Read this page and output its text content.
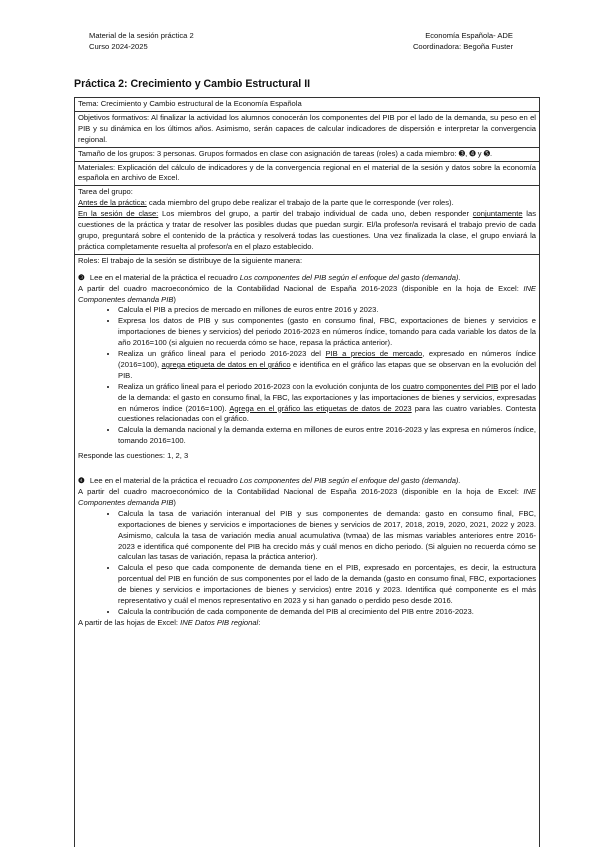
Material de la sesión práctica 2
Curso 2024-2025
Economía Española- ADE
Coordinadora: Begoña Fuster
Práctica 2: Crecimiento y Cambio Estructural II
Tema: Crecimiento y Cambio estructural de la Economía Española
Objetivos formativos: Al finalizar la actividad los alumnos conocerán los componentes del PIB por el lado de la demanda, su peso en el PIB y su dinámica en los últimos años. Asimismo, serán capaces de calcular indicadores de dispersión e interpretar la convergencia regional.
Tamaño de los grupos: 3 personas. Grupos formados en clase con asignación de tareas (roles) a cada miembro: ➌, ➍ y ➎.
Materiales: Explicación del cálculo de indicadores y de la convergencia regional en el material de la sesión y datos sobre la economía española en archivo de Excel.
Tarea del grupo:
Antes de la práctica: cada miembro del grupo debe realizar el trabajo de la parte que le corresponde (ver roles).
En la sesión de clase: Los miembros del grupo, a partir del trabajo individual de cada uno, deben responder conjuntamente las cuestiones de la práctica y tratar de resolver las posibles dudas que puedan surgir. El/la profesor/a revisará el trabajo previo de cada grupo, preguntará sobre el contenido de la práctica y resolverá todas las cuestiones. Una vez finalizada la clase, el grupo enviará la práctica completamente resuelta al profesor/a en el plazo establecido.
Roles: El trabajo de la sesión se distribuye de la siguiente manera:
❸ Lee en el material de la práctica el recuadro Los componentes del PIB según el enfoque del gasto (demanda).
A partir del cuadro macroeconómico de la Contabilidad Nacional de España 2016-2023 (disponible en la hoja de Excel: INE Componentes demanda PIB)
• Calcula el PIB a precios de mercado en millones de euros entre 2016 y 2023.
• Expresa los datos de PIB y sus componentes (gasto en consumo final, FBC, exportaciones de bienes y servicios e importaciones de bienes y servicios) del periodo 2016-2023 en números índice, tomando para cada variable los datos de la año 2016=100 (si alguien no recuerda cómo se hace, repasa la práctica anterior).
• Realiza un gráfico lineal para el periodo 2016-2023 del PIB a precios de mercado, expresado en números índice (2016=100), agrega etiqueta de datos en el gráfico e identifica en el gráfico las etapas que se observan en la evolución del PIB.
• Realiza un gráfico lineal para el periodo 2016-2023 con la evolución conjunta de los cuatro componentes del PIB por el lado de la demanda: el gasto en consumo final, la FBC, las exportaciones y las importaciones de bienes y servicios, expresadas en números índice (2016=100). Agrega en el gráfico las etiquetas de datos de 2023 para las cuatro variables. Contesta cuestiones relacionadas con el gráfico.
• Calcula la demanda nacional y la demanda externa en millones de euros entre 2016-2023 y las expresa en números índice, tomando 2016=100.
Responde las cuestiones: 1, 2, 3
❹ Lee en el material de la práctica el recuadro Los componentes del PIB según el enfoque del gasto (demanda).
A partir del cuadro macroeconómico de la Contabilidad Nacional de España 2016-2023 (disponible en la hoja de Excel: INE Componentes demanda PIB)
• Calcula la tasa de variación interanual del PIB y sus componentes de demanda: gasto en consumo final, FBC, exportaciones de bienes y servicios e importaciones de bienes y servicios de 2017, 2018, 2019, 2020, 2021, 2022 y 2023. Asimismo, calcula la tasa de variación media anual acumulativa (tvmaa) de las mismas variables anteriores entre 2016-2023 e identifica qué componente del PIB ha crecido más y cuál menos en dicho periodo. (Si alguien no recuerda cómo se calculan las tasas de variación, repasa la práctica anterior).
• Calcula el peso que cada componente de demanda tiene en el PIB, expresado en porcentajes, es decir, la estructura porcentual del PIB en función de sus componentes por el lado de la demanda (gasto en consumo final, FBC, exportaciones de bienes y servicios e importaciones de bienes y servicios) entre 2016 y 2023. Identifica qué componente es el más representativo y cuál el menos representativo en 2023 y si han ganado o perdido peso desde 2016.
• Calcula la contribución de cada componente de demanda del PIB al crecimiento del PIB entre 2016-2023.
A partir de las hojas de Excel: INE Datos PIB regional:
